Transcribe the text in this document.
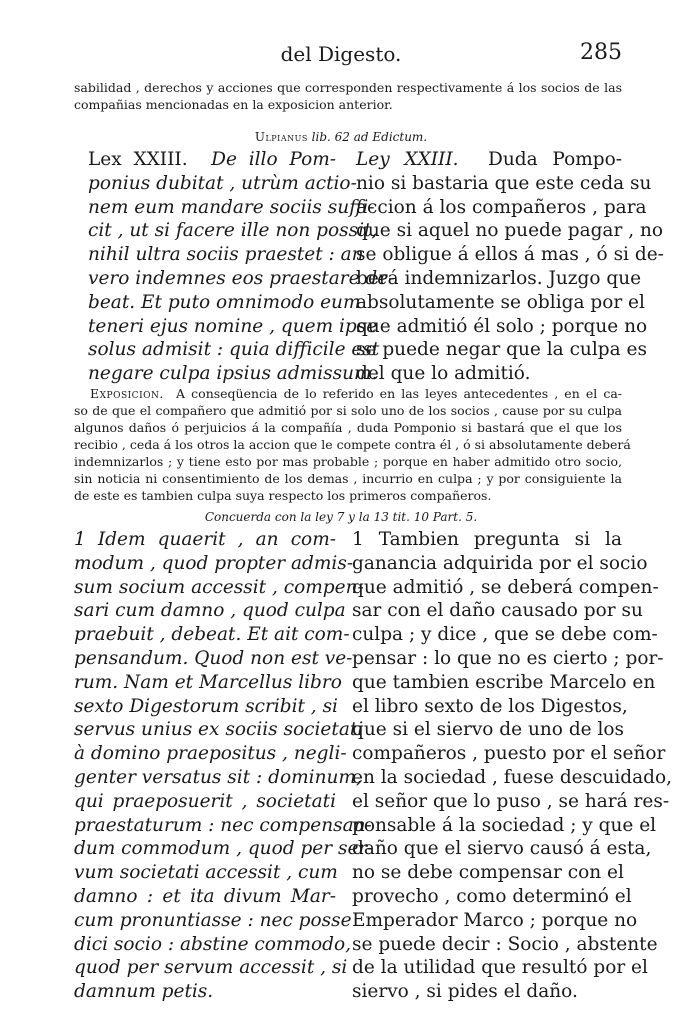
del Digesto.	285
sabilidad , derechos y acciones que corresponden respectivamente á los socios de las
compañias mencionadas en la exposicion anterior.
Ulpianus lib. 62 ad Edictum.
Lex XXIII. De illo Pom-
ponius dubitat , utrùm actio-
nem eum mandare sociis suffi-
cit , ut si facere ille non possit,
nihil ultra sociis praestet : an
vero indemnes eos praestare de-
beat. Et puto omnimodo eum
teneri ejus nomine , quem ipse
solus admisit : quia difficile est
negare culpa ipsius admissum.
Ley XXIII. Duda Pompo-
nio si bastaria que este ceda su
accion á los compañeros , para
que si aquel no puede pagar , no
se obligue á ellos á mas , ó si de-
berá indemnizarlos. Juzgo que
absolutamente se obliga por el
que admitió él solo ; porque no
se puede negar que la culpa es
del que lo admitió.
Exposicion. A conseqüencia de lo referido en las leyes antecedentes , en el ca-
so de que el compañero que admitió por si solo uno de los socios , cause por su culpa
algunos daños ó perjuicios á la compañía , duda Pomponio si bastará que el que los
recibio , ceda á los otros la accion que le compete contra él , ó si absolutamente deberá
indemnizarlos ; y tiene esto por mas probable ; porque en haber admitido otro socio,
sin noticia ni consentimiento de los demas , incurrio en culpa ; y por consiguiente la
de este es tambien culpa suya respecto los primeros compañeros.
Concuerda con la ley 7 y la 13 tit. 10 Part. 5.
1 Idem quaerit , an com-
modum , quod propter admis-
sum socium accessit , compen-
sari cum damno , quod culpa
praebuit , debeat. Et ait com-
pensandum. Quod non est ve-
rum. Nam et Marcellus libro
sexto Digestorum scribit , si
servus unius ex sociis societati
à domino praepositus , negli-
genter versatus sit : dominum,
qui praeposuerit , societati
praestaturum : nec compensan-
dum commodum , quod per ser-
vum societati accessit , cum
damno : et ita divum Mar-
cum pronuntiasse : nec posse
dici socio : abstine commodo,
quod per servum accessit , si
damnum petis.
1 Tambien pregunta si la
ganancia adquirida por el socio
que admitió , se deberá compen-
sar con el daño causado por su
culpa ; y dice , que se debe com-
pensar : lo que no es cierto ; por-
que tambien escribe Marcelo en
el libro sexto de los Digestos,
que si el siervo de uno de los
compañeros , puesto por el señor
en la sociedad , fuese descuidado,
el señor que lo puso , se hará res-
ponsable á la sociedad ; y que el
daño que el siervo causó á esta,
no se debe compensar con el
provecho , como determinó el
Emperador Marco ; porque no
se puede decir : Socio , abstente
de la utilidad que resultó por el
siervo , si pides el daño.
